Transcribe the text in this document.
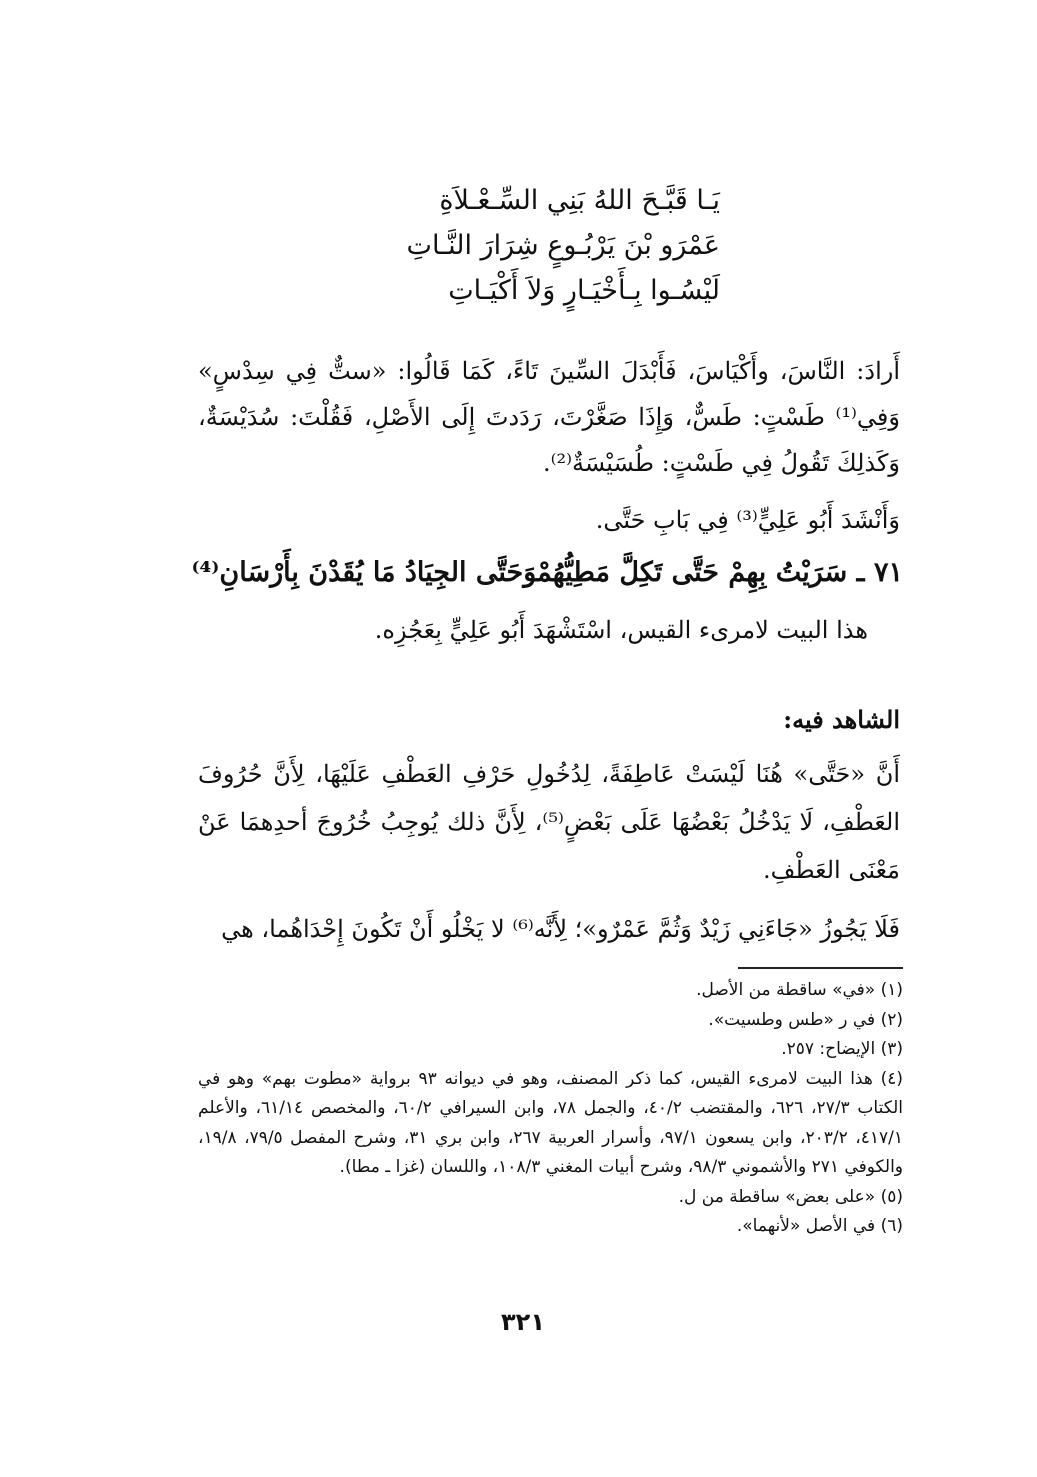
يَـا قَبَّـحَ اللهُ بَنِي السِّـعْـلاَةِ
عَمْرَو بْنَ يَرْبُـوعٍ شِرَارَ النَّـاتِ
لَيْسُـوا بِـأَخْيَـارٍ وَلاَ أَكْيَـاتِ
أَرادَ: النَّاسَ، وأَكْيَاسَ، فَأَبْدَلَ السِّينَ تَاءً، كَمَا قَالُوا: «ستٌّ فِي سِدْسٍ» وَفِي⁽¹⁾ طَسْتٍ: طَسٌّ، وَإِذَا صَغَّرْتَ، رَدَدتَ إِلَى الأَصْلِ، فَقُلْتَ: سُدَيْسَةٌ، وَكَذلِكَ تَقُولُ فِي طَسْتٍ: طُسَيْسَةٌ⁽²⁾.
وَأَنْشَدَ أَبُو عَلِيٍّ⁽³⁾ فِي بَابِ حَتَّى.
٧١ ـ سَرَيْتُ بِهِمْ حَتَّى تَكِلَّ مَطِيُّهُمْوَحَتَّى الجِيَادُ مَا يُقَدْنَ بِأَرْسَانِ⁽⁴⁾
هذا البيت لامرىء القيس، اسْتَشْهَدَ أَبُو عَلِيٍّ بِعَجُزِه.
الشاهد فيه:
أَنَّ «حَتَّى» هُنَا لَيْسَتْ عَاطِفَةً، لِدُخُولِ حَرْفِ العَطْفِ عَلَيْهَا، لِأَنَّ حُرُوفَ العَطْفِ، لَا يَدْخُلُ بَعْضُهَا عَلَى بَعْضٍ⁽⁵⁾، لِأَنَّ ذلك يُوجِبُ خُرُوجَ أحدِهمَا عَنْ مَعْنَى العَطْفِ.
فَلَا يَجُوزُ «جَاءَنِي زَيْدٌ وَثُمَّ عَمْرٌو»؛ لِأَنَّه⁽⁶⁾ لا يَخْلُو أَنْ تَكُونَ إِحْدَاهُما، هي
(١) «في» ساقطة من الأصل.
(٢) في ر «طس وطسيت».
(٣) الإيضاح: ٢٥٧.
(٤) هذا البيت لامرىء القيس، كما ذكر المصنف، وهو في ديوانه ٩٣ برواية «مطوت بهم» وهو في الكتاب ٢٧/٣، ٦٢٦، والمقتضب ٤٠/٢، والجمل ٧٨، وابن السيرافي ٦٠/٢، والمخصص ٦١/١٤، والأعلم ٤١٧/١، ٢٠٣/٢، وابن يسعون ٩٧/١، وأسرار العربية ٢٦٧، وابن بري ٣١، وشرح المفصل ٧٩/٥، ١٩/٨، والكوفي ٢٧١ والأشموني ٩٨/٣، وشرح أبيات المغني ١٠٨/٣، واللسان (غزا ـ مطا).
(٥) «على بعض» ساقطة من ل.
(٦) في الأصل «لأنهما».
٣٢١
